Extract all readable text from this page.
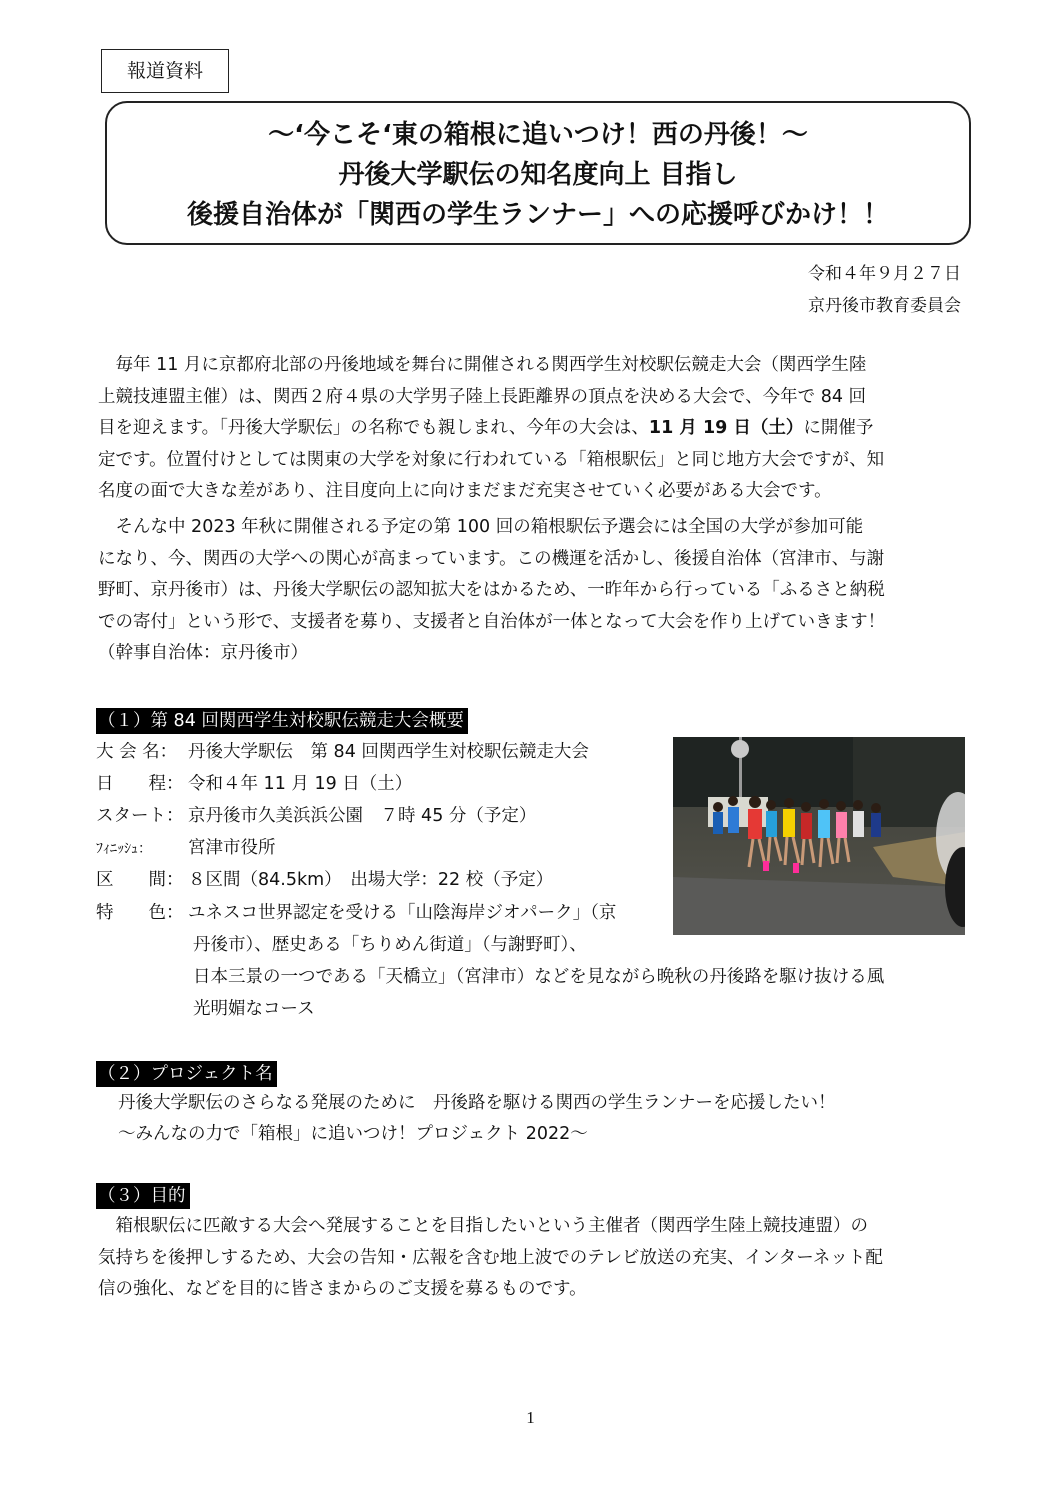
報道資料
～‘今こそ‘東の箱根に追いつけ！西の丹後！～
丹後大学駅伝の知名度向上 目指し
後援自治体が「関西の学生ランナー」への応援呼びかけ！！
令和４年９月２７日
京丹後市教育委員会
　毎年 11 月に京都府北部の丹後地域を舞台に開催される関西学生対校駅伝競走大会（関西学生陸
上競技連盟主催）は、関西２府４県の大学男子陸上長距離界の頂点を決める大会で、今年で 84 回
目を迎えます。「丹後大学駅伝」の名称でも親しまれ、今年の大会は、11 月 19 日（土）に開催予
定です。位置付けとしては関東の大学を対象に行われている「箱根駅伝」と同じ地方大会ですが、知
名度の面で大きな差があり、注目度向上に向けまだまだ充実させていく必要がある大会です。
　そんな中 2023 年秋に開催される予定の第 100 回の箱根駅伝予選会には全国の大学が参加可能
になり、今、関西の大学への関心が高まっています。この機運を活かし、後援自治体（宮津市、与謝
野町、京丹後市）は、丹後大学駅伝の認知拡大をはかるため、一昨年から行っている「ふるさと納税
での寄付」という形で、支援者を募り、支援者と自治体が一体となって大会を作り上げていきます！
（幹事自治体：京丹後市）
（１）第 84 回関西学生対校駅伝競走大会概要
大 会 名： 丹後大学駅伝　第 84 回関西学生対校駅伝競走大会
日　　程： 令和４年 11 月 19 日（土）
スタート： 京丹後市久美浜浜公園　７時 45 分（予定）
ﾌｨﾆｯｼｭ： 宮津市役所
区　　間： ８区間（84.5km）　出場大学：22 校（予定）
特　　色： ユネスコ世界認定を受ける「山陰海岸ジオパーク」（京
丹後市）、歴史ある「ちりめん街道」（与謝野町）、
日本三景の一つである「天橋立」（宮津市）などを見ながら晩秋の丹後路を駆け抜ける風
光明媚なコース
（２）プロジェクト名
丹後大学駅伝のさらなる発展のために　丹後路を駆ける関西の学生ランナーを応援したい！
～みんなの力で「箱根」に追いつけ！プロジェクト 2022～
（３）目的
　箱根駅伝に匹敵する大会へ発展することを目指したいという主催者（関西学生陸上競技連盟）の
気持ちを後押しするため、大会の告知・広報を含む地上波でのテレビ放送の充実、インターネット配
信の強化、などを目的に皆さまからのご支援を募るものです。
1
